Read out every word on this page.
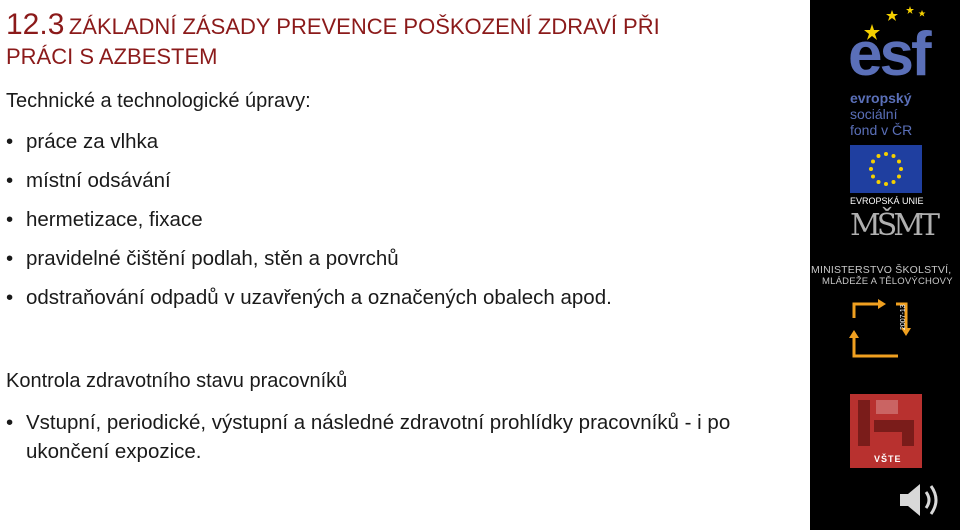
12.3 ZÁKLADNÍ ZÁSADY PREVENCE POŠKOZENÍ ZDRAVÍ PŘI
PRÁCI S AZBESTEM
Technické a technologické úpravy:
• práce za vlhka
• místní odsávání
• hermetizace, fixace
• pravidelné čištění podlah, stěn a povrchů
• odstraňování odpadů v uzavřených a označených obalech apod.
Kontrola zdravotního stavu pracovníků
• Vstupní, periodické, výstupní a následné zdravotní prohlídky pracovníků - i po ukončení expozice.
esf
evropský
sociální
fond v ČR
EVROPSKÁ UNIE
MŠMT
MINISTERSTVO ŠKOLSTVÍ,
MLÁDEŽE A TĚLOVÝCHOVY
2007-13
VŠTE
